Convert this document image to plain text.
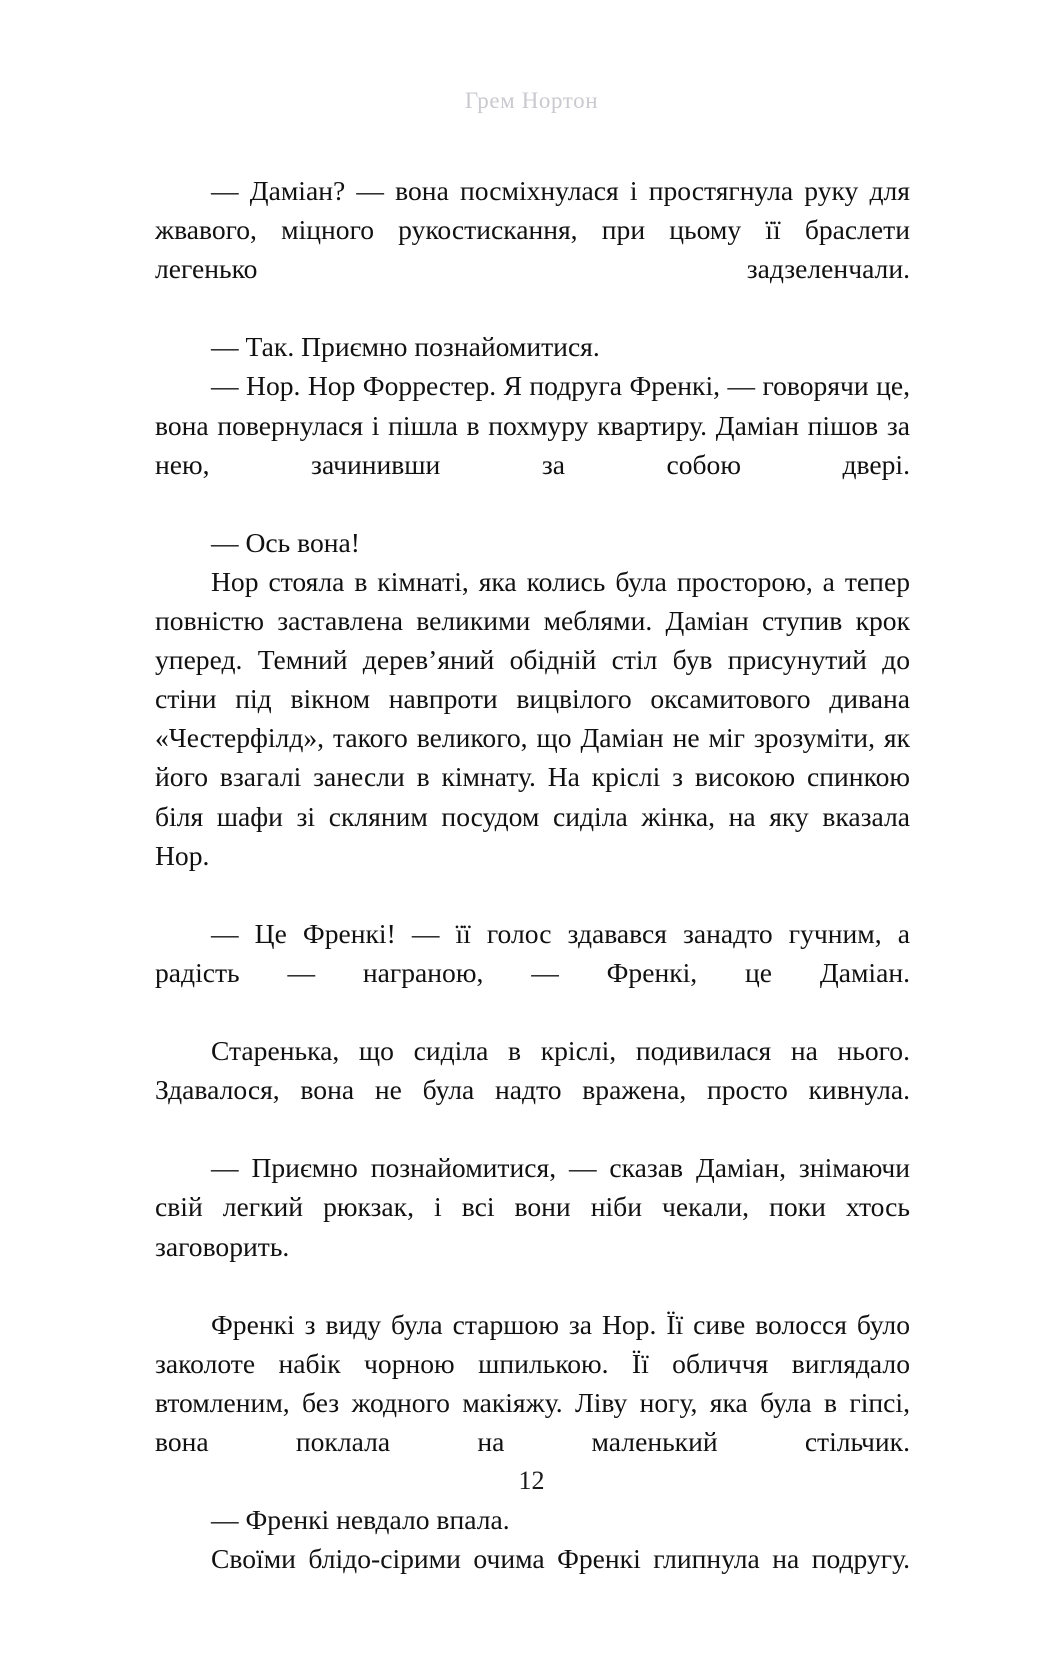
Грем Нортон

— Даміан? — вона посміхнулася і простягнула руку для жвавого, міцного рукостискання, при цьому її браслети легенько задзеленчали.

— Так. Приємно познайомитися.

— Нор. Нор Форрестер. Я подруга Френкі, — говорячи це, вона повернулася і пішла в похмуру квартиру. Даміан пішов за нею, зачинивши за собою двері.

— Ось вона!

Нор стояла в кімнаті, яка колись була просторою, а тепер повністю заставлена великими меблями. Даміан ступив крок уперед. Темний дерев’яний обідній стіл був присунутий до стіни під вікном навпроти вицвілого оксамитового дивана «Честерфілд», такого великого, що Даміан не міг зрозуміти, як його взагалі занесли в кімнату. На кріслі з високою спинкою біля шафи зі скляним посудом сиділа жінка, на яку вказала Нор.

— Це Френкі! — її голос здавався занадто гучним, а радість — награною, — Френкі, це Даміан.

Старенька, що сиділа в кріслі, подивилася на нього. Здавалося, вона не була надто вражена, просто кивнула.

— Приємно познайомитися, — сказав Даміан, знімаючи свій легкий рюкзак, і всі вони ніби чекали, поки хтось заговорить.

Френкі з виду була старшою за Нор. Її сиве волосся було заколоте набік чорною шпилькою. Її обличчя виглядало втомленим, без жодного макіяжу. Ліву ногу, яка була в гіпсі, вона поклала на маленький стільчик.

— Френкі невдало впала.

Своїми блідо-сірими очима Френкі глипнула на подругу.

12
